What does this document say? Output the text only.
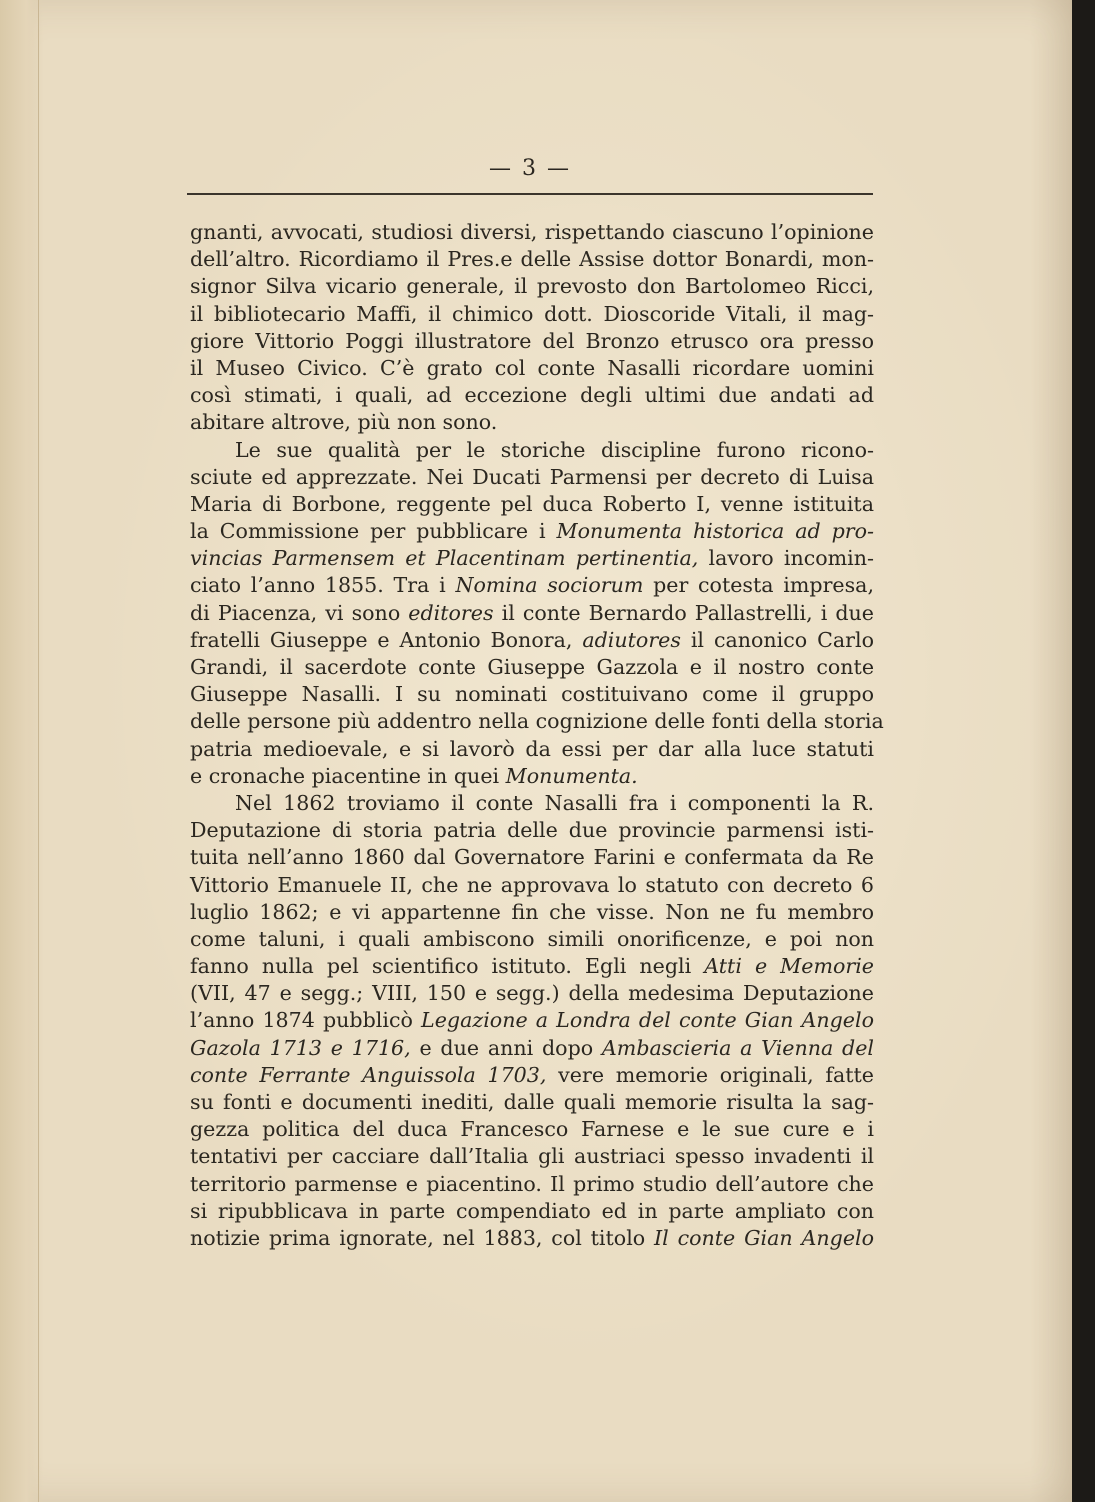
— 3 —
gnanti, avvocati, studiosi diversi, rispettando ciascuno l’opinione
dell’altro. Ricordiamo il Pres.e delle Assise dottor Bonardi, mon-
signor Silva vicario generale, il prevosto don Bartolomeo Ricci,
il bibliotecario Maffi, il chimico dott. Dioscoride Vitali, il mag-
giore Vittorio Poggi illustratore del Bronzo etrusco ora presso
il Museo Civico. C’è grato col conte Nasalli ricordare uomini
così stimati, i quali, ad eccezione degli ultimi due andati ad
abitare altrove, più non sono.
Le sue qualità per le storiche discipline furono ricono-
sciute ed apprezzate. Nei Ducati Parmensi per decreto di Luisa
Maria di Borbone, reggente pel duca Roberto I, venne istituita
la Commissione per pubblicare i Monumenta historica ad pro-
vincias Parmensem et Placentinam pertinentia, lavoro incomin-
ciato l’anno 1855. Tra i Nomina sociorum per cotesta impresa,
di Piacenza, vi sono editores il conte Bernardo Pallastrelli, i due
fratelli Giuseppe e Antonio Bonora, adiutores il canonico Carlo
Grandi, il sacerdote conte Giuseppe Gazzola e il nostro conte
Giuseppe Nasalli. I su nominati costituivano come il gruppo
delle persone più addentro nella cognizione delle fonti della storia
patria medioevale, e si lavorò da essi per dar alla luce statuti
e cronache piacentine in quei Monumenta.
Nel 1862 troviamo il conte Nasalli fra i componenti la R.
Deputazione di storia patria delle due provincie parmensi isti-
tuita nell’anno 1860 dal Governatore Farini e confermata da Re
Vittorio Emanuele II, che ne approvava lo statuto con decreto 6
luglio 1862; e vi appartenne fin che visse. Non ne fu membro
come taluni, i quali ambiscono simili onorificenze, e poi non
fanno nulla pel scientifico istituto. Egli negli Atti e Memorie
(VII, 47 e segg.; VIII, 150 e segg.) della medesima Deputazione
l’anno 1874 pubblicò Legazione a Londra del conte Gian Angelo
Gazola 1713 e 1716, e due anni dopo Ambascieria a Vienna del
conte Ferrante Anguissola 1703, vere memorie originali, fatte
su fonti e documenti inediti, dalle quali memorie risulta la sag-
gezza politica del duca Francesco Farnese e le sue cure e i
tentativi per cacciare dall’Italia gli austriaci spesso invadenti il
territorio parmense e piacentino. Il primo studio dell’autore che
si ripubblicava in parte compendiato ed in parte ampliato con
notizie prima ignorate, nel 1883, col titolo Il conte Gian Angelo
